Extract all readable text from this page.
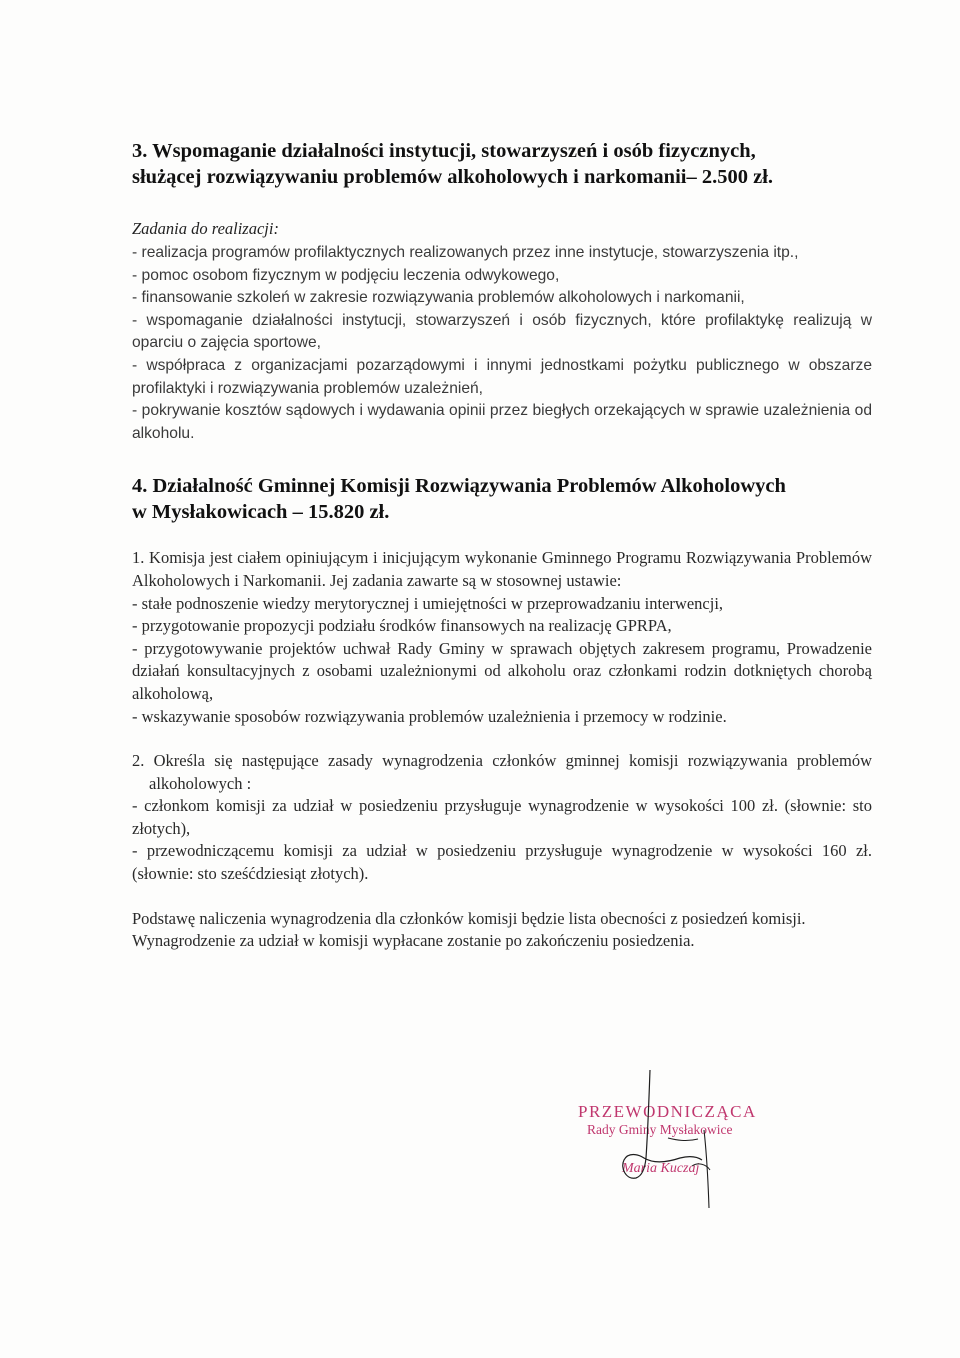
3. Wspomaganie działalności instytucji, stowarzyszeń i osób fizycznych,

służącej rozwiązywaniu problemów alkoholowych i narkomanii– 2.500 zł.

Zadania do realizacji:

- realizacja programów profilaktycznych realizowanych przez inne instytucje, stowarzyszenia itp.,

- pomoc osobom fizycznym w podjęciu leczenia odwykowego,

- finansowanie szkoleń w zakresie rozwiązywania problemów alkoholowych i narkomanii,

- wspomaganie działalności instytucji, stowarzyszeń i osób fizycznych, które profilaktykę realizują w oparciu o zajęcia sportowe,

- współpraca z organizacjami pozarządowymi i innymi jednostkami pożytku publicznego w obszarze profilaktyki i rozwiązywania problemów uzależnień,

- pokrywanie kosztów sądowych i wydawania opinii przez biegłych orzekających w sprawie uzależnienia od alkoholu.

4. Działalność Gminnej Komisji Rozwiązywania Problemów Alkoholowych

w Mysłakowicach – 15.820 zł.

1. Komisja jest ciałem opiniującym i inicjującym wykonanie Gminnego Programu Rozwiązywania Problemów Alkoholowych i Narkomanii. Jej zadania zawarte są w stosownej ustawie:

- stałe podnoszenie wiedzy merytorycznej i umiejętności w przeprowadzaniu interwencji,

- przygotowanie propozycji podziału środków finansowych na realizację GPRPA,

- przygotowywanie projektów uchwał Rady Gminy w sprawach objętych zakresem programu, Prowadzenie działań konsultacyjnych z osobami uzależnionymi od alkoholu oraz członkami rodzin dotkniętych chorobą alkoholową,

- wskazywanie sposobów rozwiązywania problemów uzależnienia i przemocy w rodzinie.

2. Określa się następujące zasady wynagrodzenia członków gminnej komisji rozwiązywania problemów alkoholowych :

- członkom komisji za udział w posiedzeniu przysługuje wynagrodzenie w wysokości 100 zł. (słownie: sto złotych),

- przewodniczącemu komisji za udział w posiedzeniu przysługuje wynagrodzenie w wysokości 160 zł. (słownie: sto sześćdziesiąt złotych).

Podstawę naliczenia wynagrodzenia dla członków komisji będzie lista obecności z posiedzeń komisji.

Wynagrodzenie za udział w komisji wypłacane zostanie po zakończeniu posiedzenia.

PRZEWODNICZĄCA
Rady Gminy Mysłakowice
Maria Kuczaj
